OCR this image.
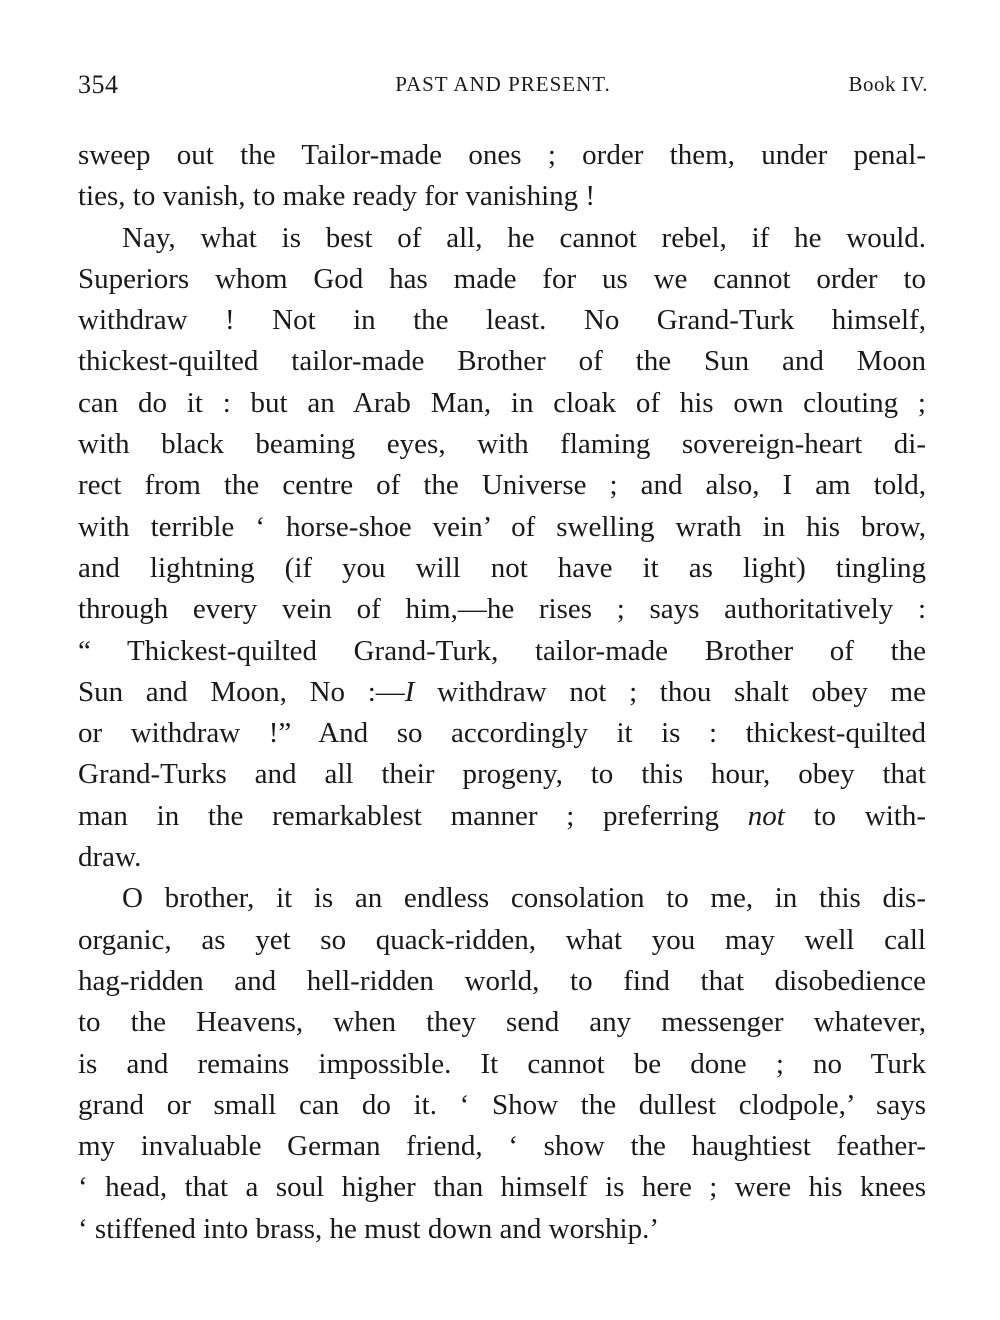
354	PAST AND PRESENT.	Book IV.
sweep out the Tailor-made ones ; order them, under penal-
ties, to vanish, to make ready for vanishing !
Nay, what is best of all, he cannot rebel, if he would.
Superiors whom God has made for us we cannot order to
withdraw ! Not in the least. No Grand-Turk himself,
thickest-quilted tailor-made Brother of the Sun and Moon
can do it : but an Arab Man, in cloak of his own clouting ;
with black beaming eyes, with flaming sovereign-heart di-
rect from the centre of the Universe ; and also, I am told,
with terrible ‘ horse-shoe vein’ of swelling wrath in his brow,
and lightning (if you will not have it as light) tingling
through every vein of him,—he rises ; says authoritatively :
“ Thickest-quilted Grand-Turk, tailor-made Brother of the
Sun and Moon, No :—I withdraw not ; thou shalt obey me
or withdraw !” And so accordingly it is : thickest-quilted
Grand-Turks and all their progeny, to this hour, obey that
man in the remarkablest manner ; preferring not to with-
draw.
O brother, it is an endless consolation to me, in this dis-
organic, as yet so quack-ridden, what you may well call
hag-ridden and hell-ridden world, to find that disobedience
to the Heavens, when they send any messenger whatever,
is and remains impossible. It cannot be done ; no Turk
grand or small can do it. ‘ Show the dullest clodpole,’ says
my invaluable German friend, ‘ show the haughtiest feather-
‘ head, that a soul higher than himself is here ; were his knees
‘ stiffened into brass, he must down and worship.’
